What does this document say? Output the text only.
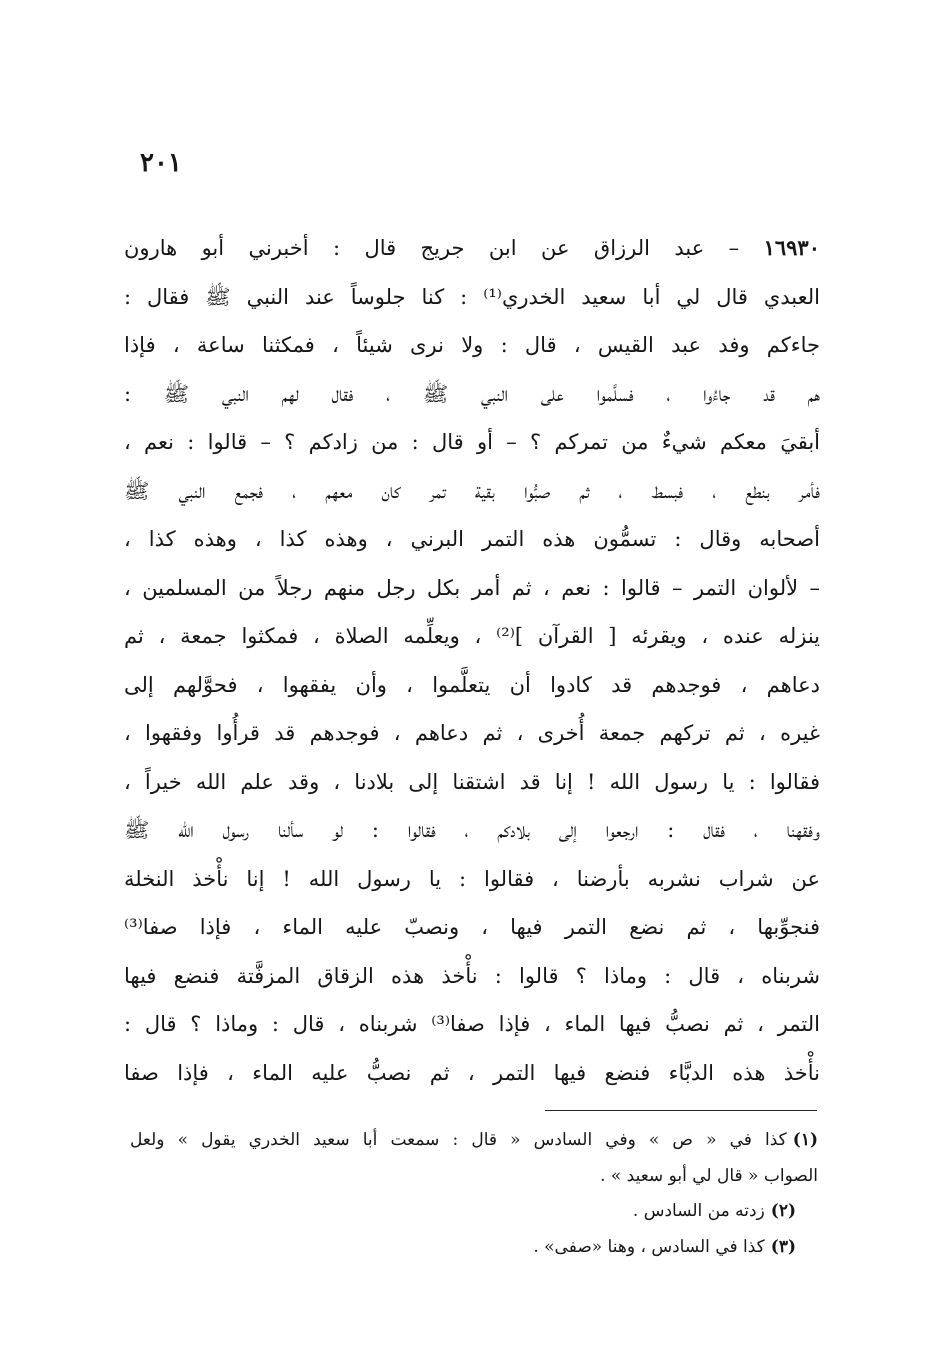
٢٠١
١٦٩٣٠ – عبد الرزاق عن ابن جريج قال : أخبرني أبو هارون
العبدي قال لي أبا سعيد الخدري⁽¹⁾ : كنا جلوساً عند النبي ﷺ فقال :
جاءكم وفد عبد القيس ، قال : ولا نرى شيئاً ، فمكثنا ساعة ، فإذا
هم قد جاءُوا ، فسلَّموا على النبي ﷺ ، فقال لهم النبي ﷺ :
أبقيَ معكم شيءٌ من تمركم ؟ – أو قال : من زادكم ؟ – قالوا : نعم ،
فأمر بنطع ، فبسط ، ثم صبُّوا بقية تمر كان معهم ، فجمع النبي ﷺ
أصحابه وقال : تسمُّون هذه التمر البرني ، وهذه كذا ، وهذه كذا ،
– لألوان التمر – قالوا : نعم ، ثم أمر بكل رجل منهم رجلاً من المسلمين ،
ينزله عنده ، ويقرئه [ القرآن ]⁽²⁾ ، ويعلِّمه الصلاة ، فمكثوا جمعة ، ثم
دعاهم ، فوجدهم قد كادوا أن يتعلَّموا ، وأن يفقهوا ، فحوَّلهم إلى
غيره ، ثم تركهم جمعة أُخرى ، ثم دعاهم ، فوجدهم قد قرأُوا وفقهوا ،
فقالوا : يا رسول الله ! إنا قد اشتقنا إلى بلادنا ، وقد علم الله خيراً ،
وفقهنا ، فقال : ارجعوا إلى بلادكم ، فقالوا : لو سألنا رسول الله ﷺ
عن شراب نشربه بأرضنا ، فقالوا : يا رسول الله ! إنا نأْخذ النخلة
فنجوِّبها ، ثم نضع التمر فيها ، ونصبّ عليه الماء ، فإذا صفا⁽³⁾
شربناه ، قال : وماذا ؟ قالوا : نأْخذ هذه الزقاق المزفَّتة فنضع فيها
التمر ، ثم نصبُّ فيها الماء ، فإذا صفا⁽³⁾ شربناه ، قال : وماذا ؟ قال :
نأْخذ هذه الدبَّاء فنضع فيها التمر ، ثم نصبُّ عليه الماء ، فإذا صفا
(١)كذا في « ص » وفي السادس « قال : سمعت أبا سعيد الخدري يقول » ولعل
الصواب « قال لي أبو سعيد » .
(٢)زدته من السادس .
(٣)كذا في السادس ، وهنا «صفى» .
